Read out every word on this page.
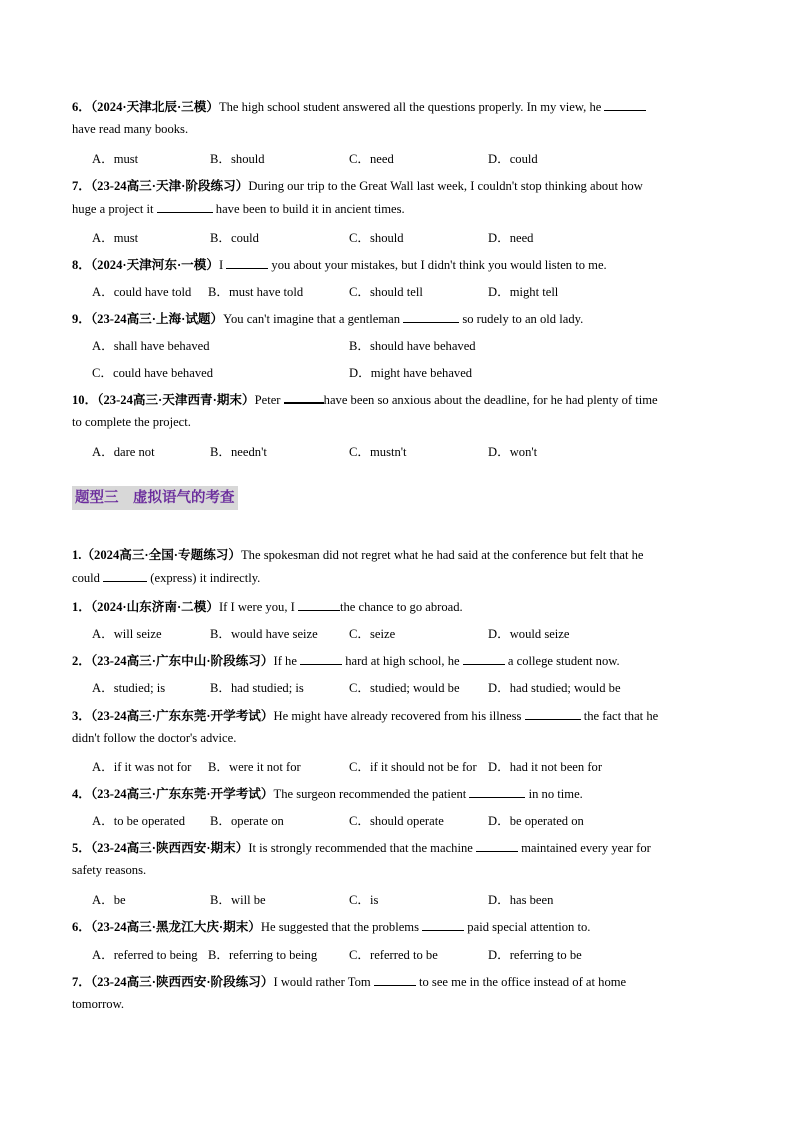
6．（2024·天津北辰·三模）The high school student answered all the questions properly. In my view, he
have read many books.
A．must	B．should	C．need	D．could
7．（23-24高三·天津·阶段练习）During our trip to the Great Wall last week, I couldn't stop thinking about how
huge a project it	have been to build it in ancient times.
A．must	B．could	C．should	D．need
8．（2024·天津河东·一模）I	you about your mistakes, but I didn't think you would listen to me.
A．could have told B．must have told	C．should tell	D．might tell
9．（23-24高三·上海·试题）You can't imagine that a gentleman	so rudely to an old lady.
A．shall have behaved	B．should have behaved
C．could have behaved	D．might have behaved
10．（23-24高三·天津西青·期末）Peter	have been so anxious about the deadline, for he had plenty of time
to complete the project.
A．dare not	B．needn't	C．mustn't	D．won't
题型三　虚拟语气的考查
1.（2024高三·全国·专题练习）The spokesman did not regret what he had said at the conference but felt that he
could	(express) it indirectly.
1．（2024·山东济南·二模）If I were you, I	the chance to go abroad.
A．will seize	B．would have seize C．seize	D．would seize
2．（23-24高三·广东中山·阶段练习）If he	hard at high school, he	a college student now.
A．studied; is	B．had studied; is	C．studied; would be D．had studied; would be
3．（23-24高三·广东东莞·开学考试）He might have already recovered from his illness	the fact that he
didn't follow the doctor's advice.
A．if it was not for B．were it not for	C．if it should not be for D．had it not been for
4．（23-24高三·广东东莞·开学考试）The surgeon recommended the patient	in no time.
A．to be operated B．operate on	C．should operate	D．be operated on
5．（23-24高三·陕西西安·期末）It is strongly recommended that the machine	maintained every year for
safety reasons.
A．be	B．will be	C．is	D．has been
6．（23-24高三·黑龙江大庆·期末）He suggested that the problems	paid special attention to.
A．referred to being B．referring to being	C．referred to be	D．referring to be
7．（23-24高三·陕西西安·阶段练习）I would rather Tom	to see me in the office instead of at home
tomorrow.
